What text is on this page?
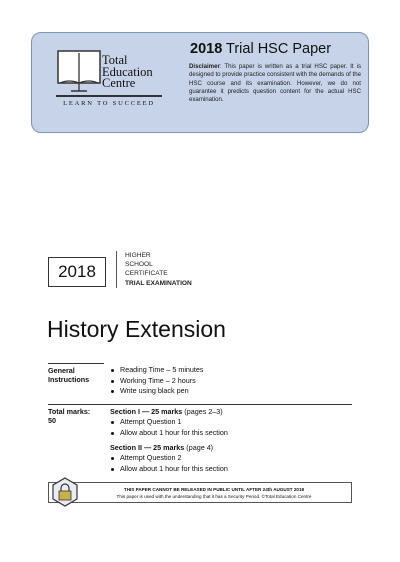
Total
Education
Centre
LEARN TO SUCCEED
2018 Trial HSC Paper
Disclaimer: This paper is written as a trial HSC paper. It is designed to provide practice consistent with the demands of the HSC course and its examination. However, we do not guarantee it predicts question content for the actual HSC examination.
2018
HIGHER
SCHOOL
CERTIFICATE
TRIAL EXAMINATION
History Extension
General
Instructions
Reading Time – 5 minutes
Working Time – 2 hours
Write using black pen
Total marks:
50
Section I — 25 marks (pages 2–3)
Attempt Question 1
Allow about 1 hour for this section
Section II — 25 marks (page 4)
Attempt Question 2
Allow about 1 hour for this section
THIS PAPER CANNOT BE RELEASED IN PUBLIC UNTIL AFTER 24th AUGUST 2018
This paper is used with the understanding that it has a Security Period. ©Total Education Centre
